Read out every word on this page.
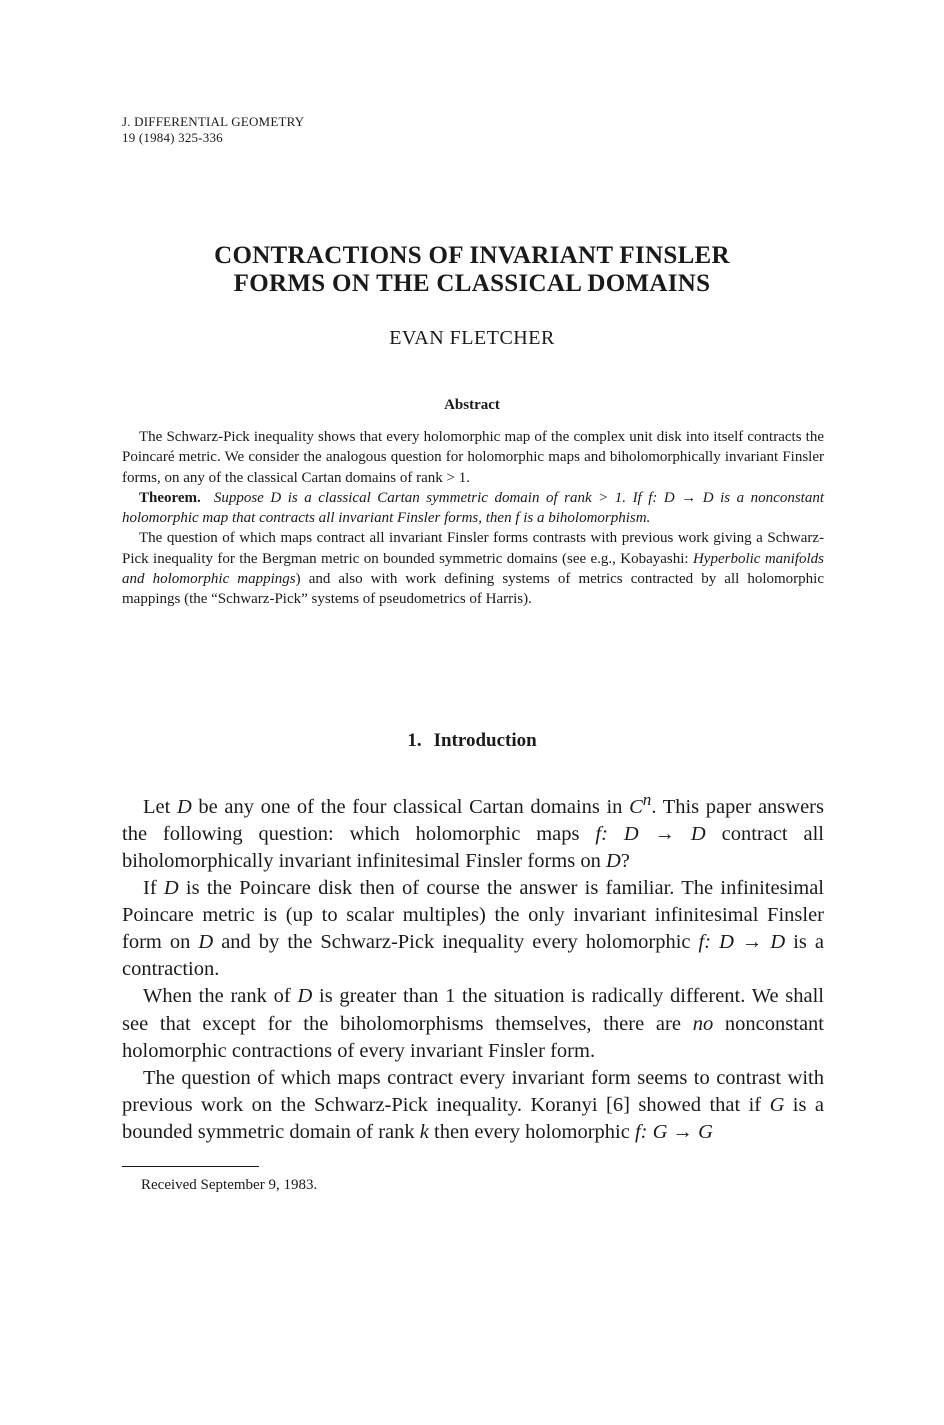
J. DIFFERENTIAL GEOMETRY
19 (1984) 325-336
CONTRACTIONS OF INVARIANT FINSLER
FORMS ON THE CLASSICAL DOMAINS
EVAN FLETCHER
Abstract

The Schwarz-Pick inequality shows that every holomorphic map of the complex unit disk into itself contracts the Poincaré metric. We consider the analogous question for holomorphic maps and biholomorphically invariant Finsler forms, on any of the classical Cartan domains of rank > 1.

Theorem. Suppose D is a classical Cartan symmetric domain of rank > 1. If f: D → D is a nonconstant holomorphic map that contracts all invariant Finsler forms, then f is a biholomorphism.

The question of which maps contract all invariant Finsler forms contrasts with previous work giving a Schwarz-Pick inequality for the Bergman metric on bounded symmetric domains (see e.g., Kobayashi: Hyperbolic manifolds and holomorphic mappings) and also with work defining systems of metrics contracted by all holomorphic mappings (the “Schwarz-Pick” systems of pseudometrics of Harris).

1. Introduction

Let D be any one of the four classical Cartan domains in $C^n$. This paper answers the following question: which holomorphic maps f: D → D contract all biholomorphically invariant infinitesimal Finsler forms on D?

If D is the Poincare disk then of course the answer is familiar. The infinitesimal Poincare metric is (up to scalar multiples) the only invariant infinitesimal Finsler form on D and by the Schwarz-Pick inequality every holomorphic f: D → D is a contraction.

When the rank of D is greater than 1 the situation is radically different. We shall see that except for the biholomorphisms themselves, there are no nonconstant holomorphic contractions of every invariant Finsler form.

The question of which maps contract every invariant form seems to contrast with previous work on the Schwarz-Pick inequality. Koranyi [6] showed that if G is a bounded symmetric domain of rank k then every holomorphic f: G → G

Received September 9, 1983.
